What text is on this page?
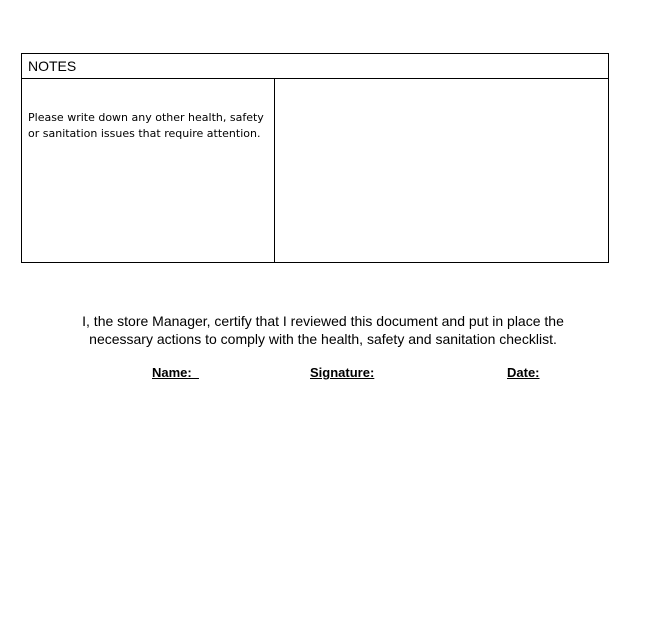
NOTES
Please write down any other health, safety or sanitation issues that require attention.
I, the store Manager, certify that I reviewed this document and put in place the
necessary actions to comply with the health, safety and sanitation checklist.
Name:	Signature:	Date:
